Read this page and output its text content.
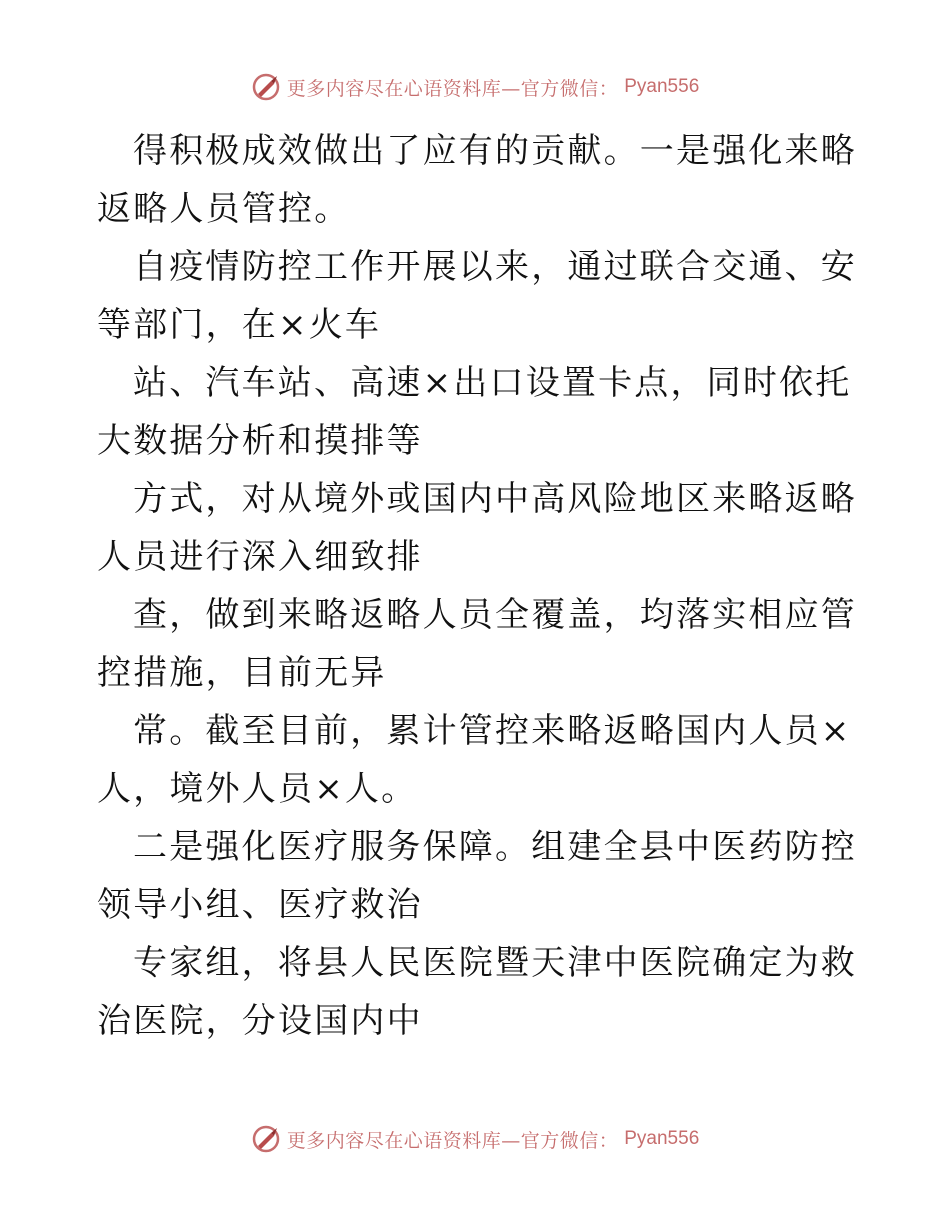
更多内容尽在心语资料库—官方微信： Pyan556

得积极成效做出了应有的贡献。一是强化来略返略人员管控。

自疫情防控工作开展以来，通过联合交通、安等部门，在×火车

站、汽车站、高速×出口设置卡点，同时依托大数据分析和摸排等

方式，对从境外或国内中高风险地区来略返略人员进行深入细致排

查，做到来略返略人员全覆盖，均落实相应管控措施，目前无异

常。截至目前，累计管控来略返略国内人员×人，境外人员×人。

二是强化医疗服务保障。组建全县中医药防控领导小组、医疗救治

专家组，将县人民医院暨天津中医院确定为救治医院，分设国内中

更多内容尽在心语资料库—官方微信： Pyan556
